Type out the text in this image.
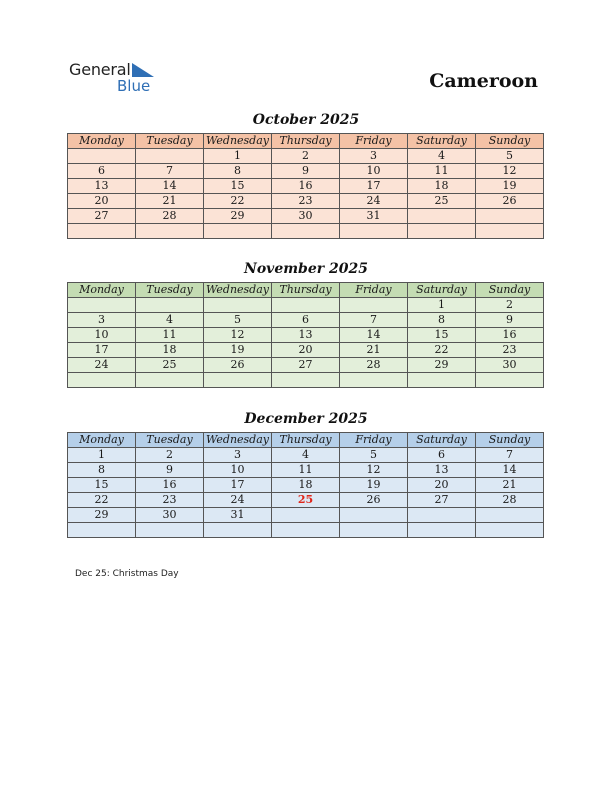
General
Blue	Cameroon
October 2025
Monday	Tuesday	Wednesday	Thursday	Friday	Saturday	Sunday
		1	2	3	4	5
6	7	8	9	10	11	12
13	14	15	16	17	18	19
20	21	22	23	24	25	26
27	28	29	30	31		

November 2025
Monday	Tuesday	Wednesday	Thursday	Friday	Saturday	Sunday
					1	2
3	4	5	6	7	8	9
10	11	12	13	14	15	16
17	18	19	20	21	22	23
24	25	26	27	28	29	30

December 2025
Monday	Tuesday	Wednesday	Thursday	Friday	Saturday	Sunday
1	2	3	4	5	6	7
8	9	10	11	12	13	14
15	16	17	18	19	20	21
22	23	24	25	26	27	28
29	30	31				

Dec 25: Christmas Day
